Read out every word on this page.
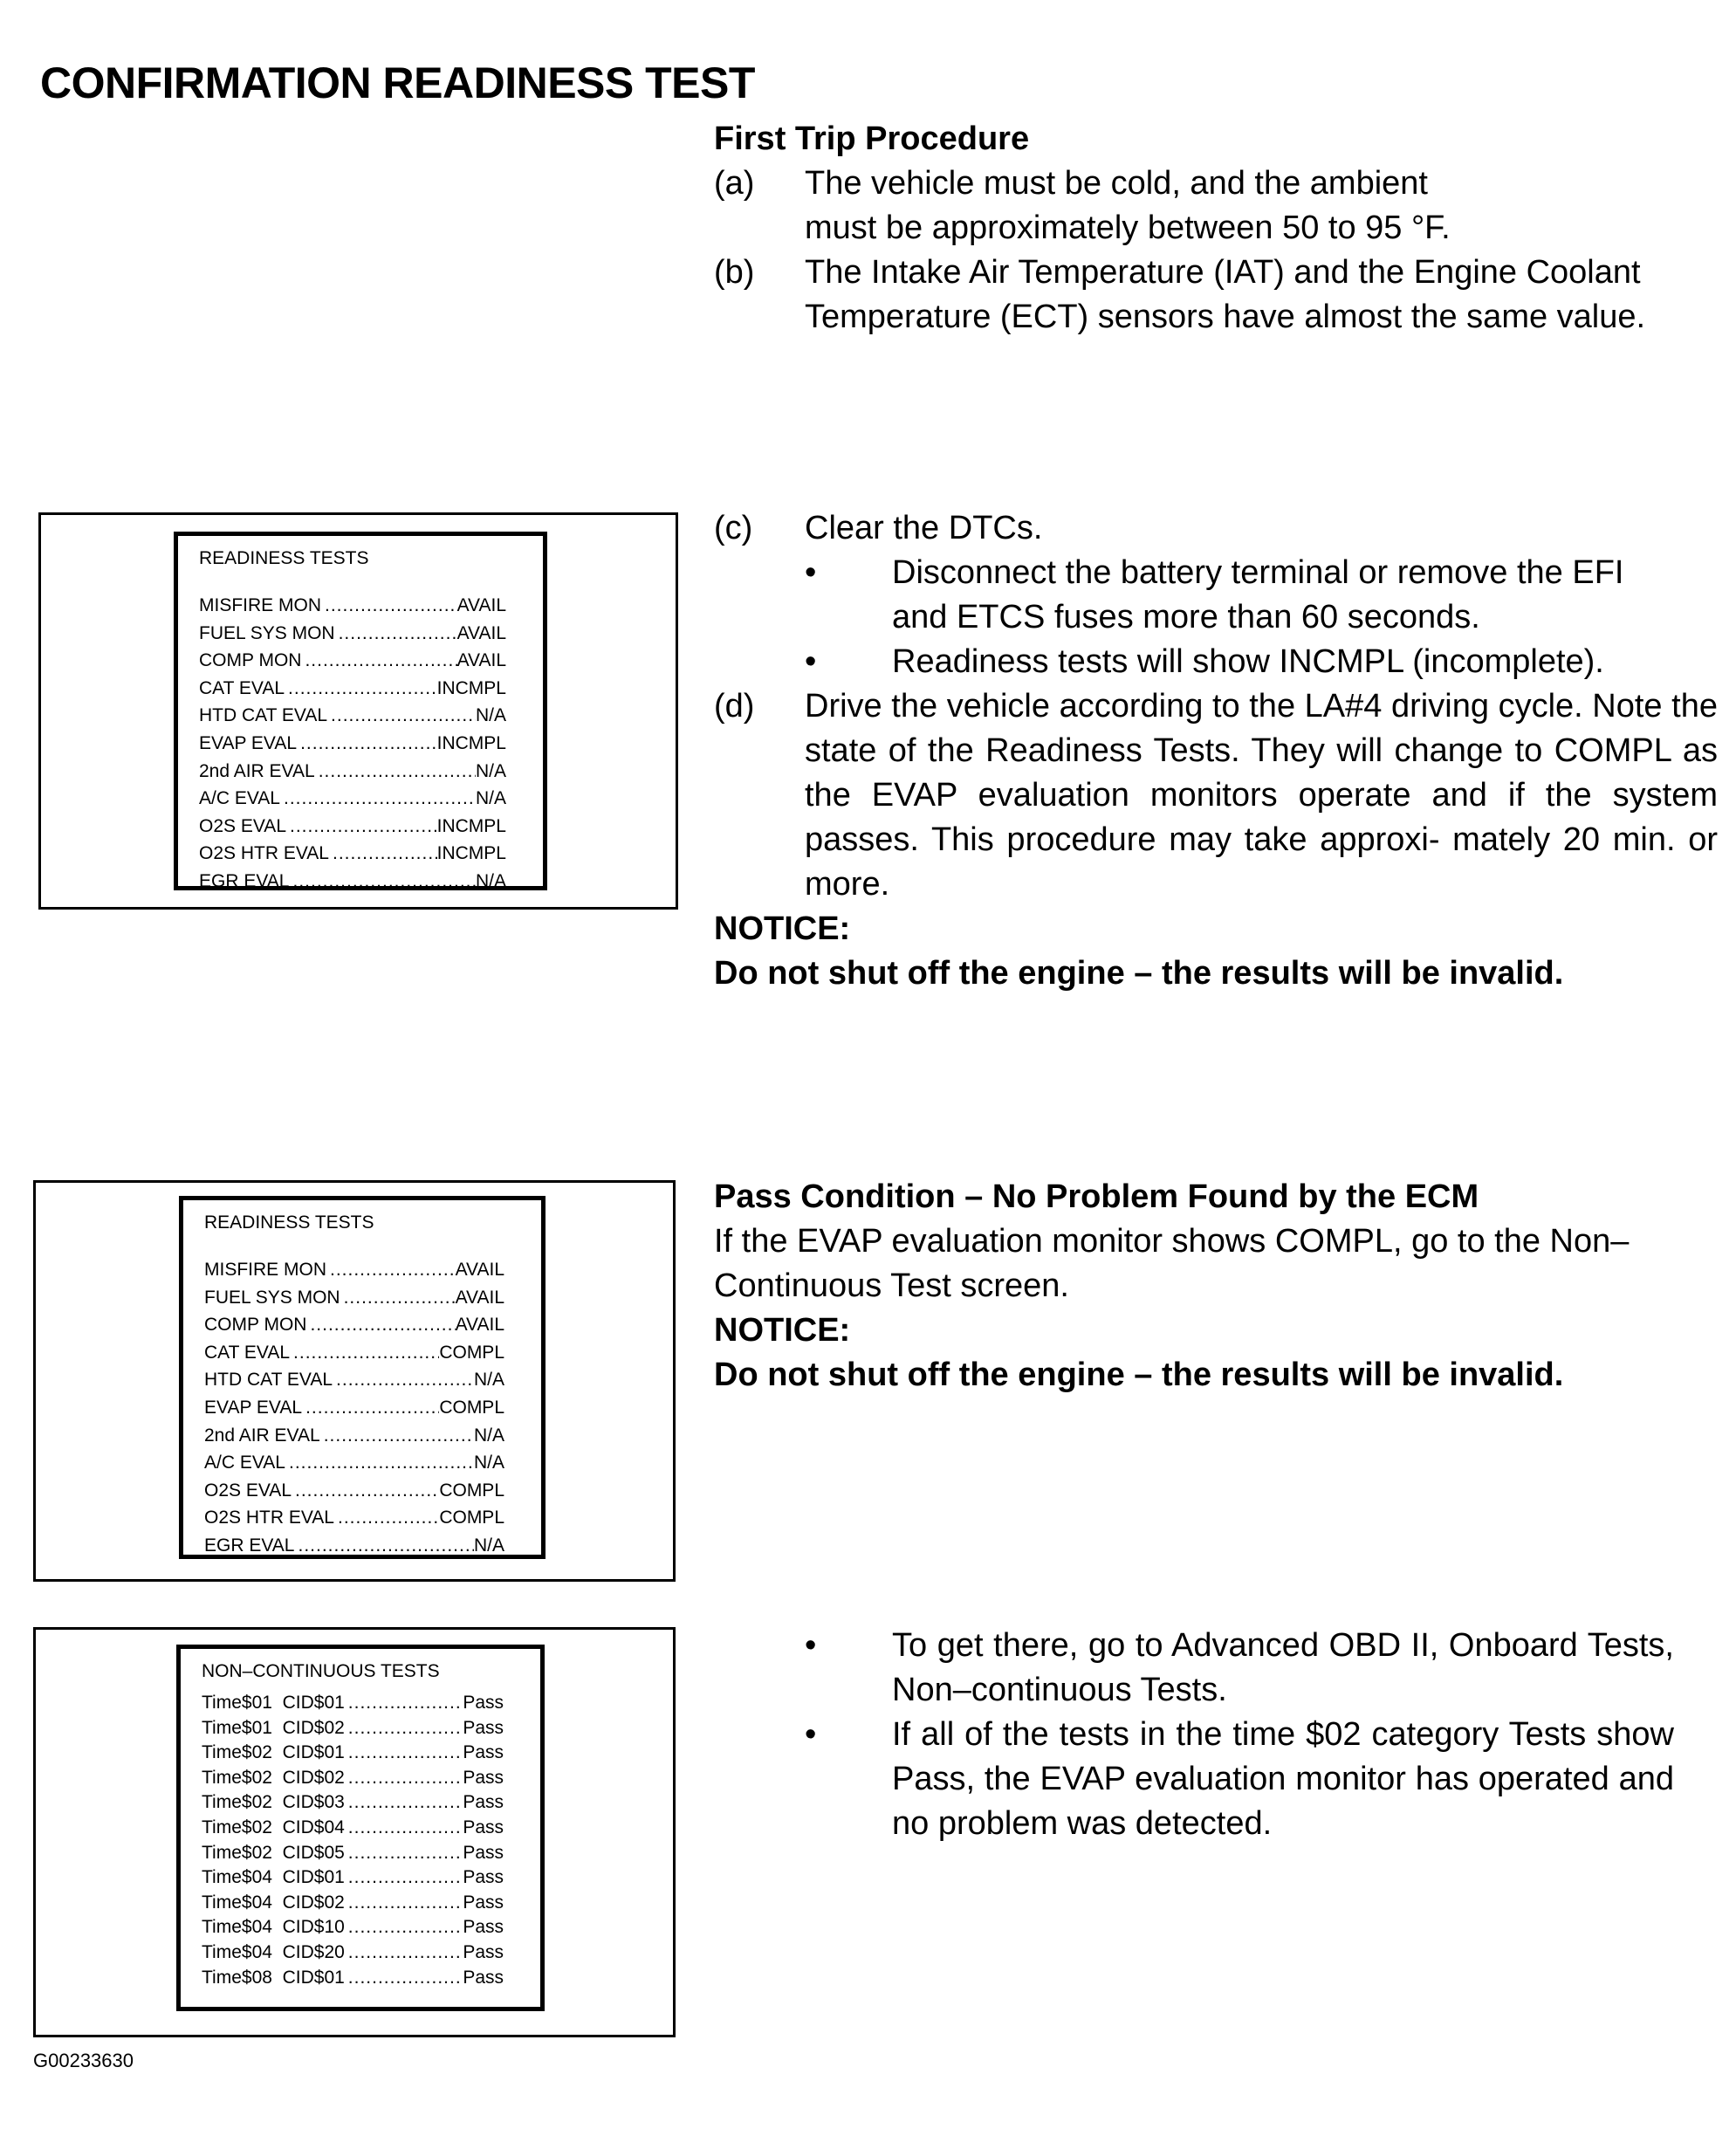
CONFIRMATION READINESS TEST
First Trip Procedure
(a)	The vehicle must be cold, and the ambient
must be approximately between 50 to 95 °F.
(b)	The Intake Air Temperature (IAT) and the Engine Coolant
Temperature (ECT) sensors have almost the same value.
(c)	Clear the DTCs.
•	Disconnect the battery terminal or remove the EFI
and ETCS fuses more than 60 seconds.
•	Readiness tests will show INCMPL (incomplete).
(d)	Drive the vehicle according to the LA#4 driving cycle. Note the state of the Readiness Tests. They will change to COMPL as the EVAP evaluation monitors operate and if the system passes. This procedure may take approxi- mately 20 min. or more.
NOTICE:
Do not shut off the engine – the results will be invalid.
Pass Condition – No Problem Found by the ECM
If the EVAP evaluation monitor shows COMPL, go to the Non– Continuous Test screen.
NOTICE:
Do not shut off the engine – the results will be invalid.
•	To get there, go to Advanced OBD II, Onboard Tests, Non–continuous Tests.
•	If all of the tests in the time $02 category Tests show Pass, the EVAP evaluation monitor has operated and no problem was detected.
READINESS TESTS
MISFIRE MON .....	AVAIL
FUEL SYS MON .....	AVAIL
COMP MON .....	AVAIL
CAT EVAL .....	INCMPL
HTD CAT EVAL .....	N/A
EVAP EVAL .....	INCMPL
2nd AIR EVAL .....	N/A
A/C EVAL .....	N/A
O2S EVAL .....	INCMPL
O2S HTR EVAL .....	INCMPL
EGR EVAL .....	N/A
READINESS TESTS
MISFIRE MON .....	AVAIL
FUEL SYS MON .....	AVAIL
COMP MON .....	AVAIL
CAT EVAL .....	COMPL
HTD CAT EVAL .....	N/A
EVAP EVAL .....	COMPL
2nd AIR EVAL .....	N/A
A/C EVAL .....	N/A
O2S EVAL .....	COMPL
O2S HTR EVAL .....	COMPL
EGR EVAL .....	N/A
NON–CONTINUOUS TESTS
Time$01  CID$01 .....	Pass
Time$01  CID$02 .....	Pass
Time$02  CID$01 .....	Pass
Time$02  CID$02 .....	Pass
Time$02  CID$03 .....	Pass
Time$02  CID$04 .....	Pass
Time$02  CID$05 .....	Pass
Time$04  CID$01 .....	Pass
Time$04  CID$02 .....	Pass
Time$04  CID$10 .....	Pass
Time$04  CID$20 .....	Pass
Time$08  CID$01 .....	Pass
G00233630
